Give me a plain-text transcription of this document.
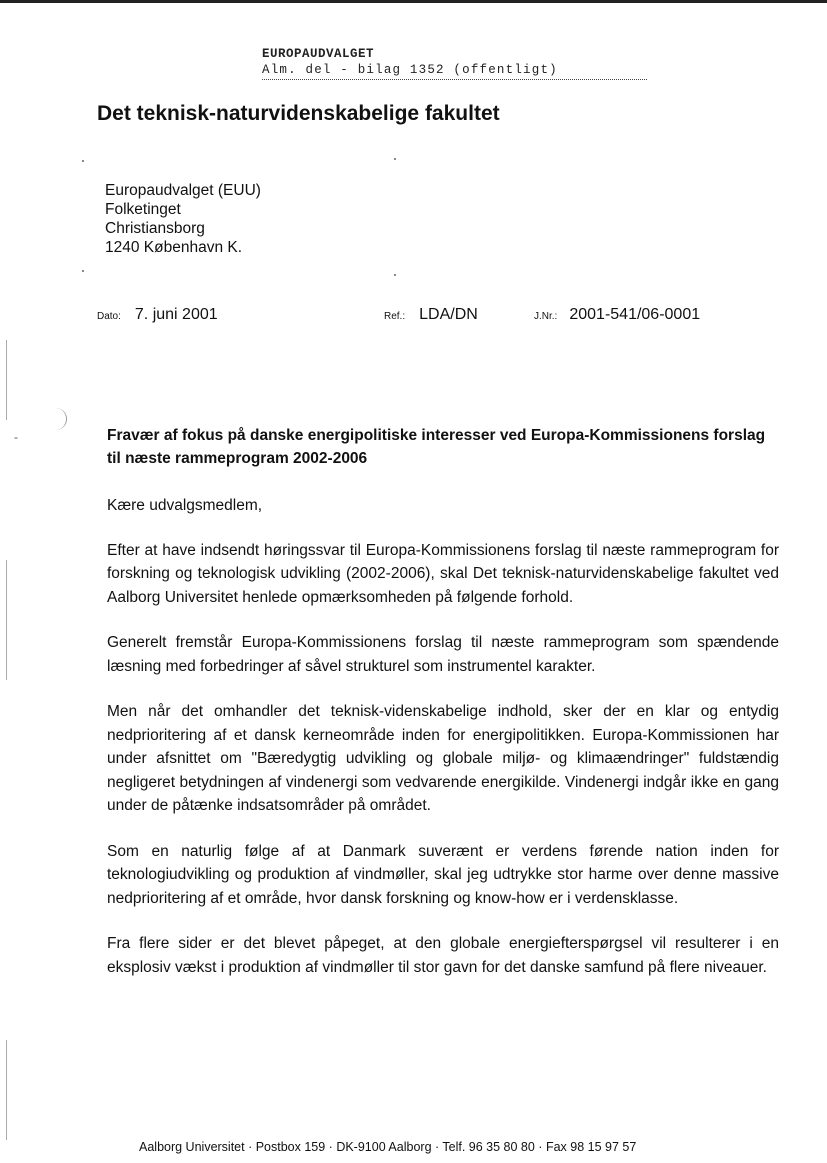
-
EUROPAUDVALGET
Alm. del - bilag 1352 (offentligt)
Det teknisk-naturvidenskabelige fakultet
Europaudvalget (EUU)
Folketinget
Christiansborg
1240 København K.
Dato: 7. juni 2001	Ref.: LDA/DN	J.Nr.: 2001-541/06-0001
Fravær af fokus på danske energipolitiske interesser ved Europa-Kommissionens forslag til næste rammeprogram 2002-2006

Kære udvalgsmedlem,

Efter at have indsendt høringssvar til Europa-Kommissionens forslag til næste rammeprogram for forskning og teknologisk udvikling (2002-2006), skal Det teknisk-naturvidenskabelige fakultet ved Aalborg Universitet henlede opmærksomheden på følgende forhold.

Generelt fremstår Europa-Kommissionens forslag til næste rammeprogram som spændende læsning med forbedringer af såvel strukturel som instrumentel karakter.

Men når det omhandler det teknisk-videnskabelige indhold, sker der en klar og entydig nedprioritering af et dansk kerneområde inden for energipolitikken. Europa-Kommissionen har under afsnittet om "Bæredygtig udvikling og globale miljø- og klimaændringer" fuldstændig negligeret betydningen af vindenergi som vedvarende energikilde. Vindenergi indgår ikke en gang under de påtænke indsatsområder på området.

Som en naturlig følge af at Danmark suverænt er verdens førende nation inden for teknologiudvikling og produktion af vindmøller, skal jeg udtrykke stor harme over denne massive nedprioritering af et område, hvor dansk forskning og know-how er i verdensklasse.

Fra flere sider er det blevet påpeget, at den globale energiefterspørgsel vil resulterer i en eksplosiv vækst i produktion af vindmøller til stor gavn for det danske samfund på flere niveauer.

Aalborg Universitet · Postbox 159 · DK-9100 Aalborg · Telf. 96 35 80 80 · Fax 98 15 97 57
